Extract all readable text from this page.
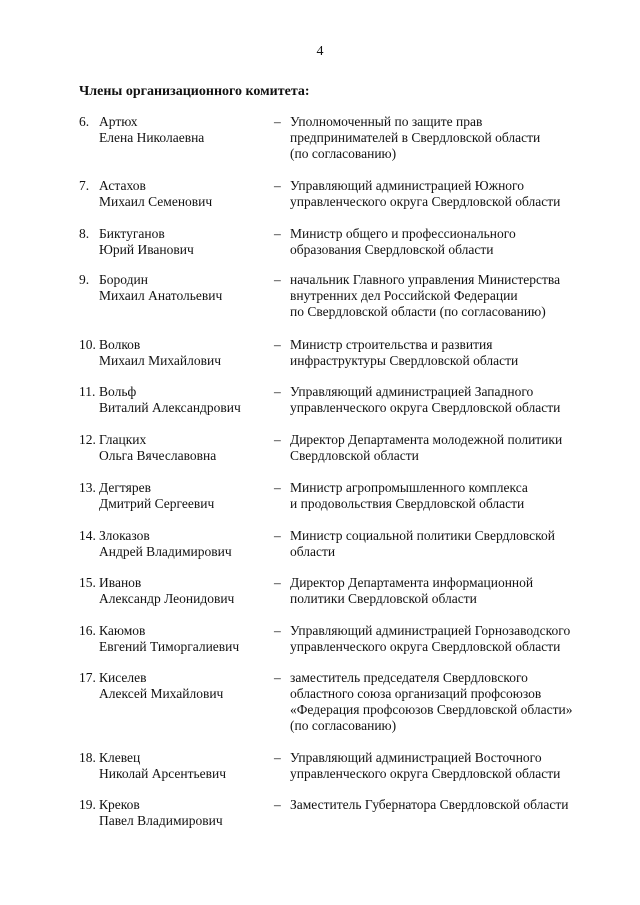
4
Члены организационного комитета:
6. Артюх
Елена Николаевна
– Уполномоченный по защите прав
предпринимателей в Свердловской области
(по согласованию)
7. Астахов
Михаил Семенович
– Управляющий администрацией Южного
управленческого округа Свердловской области
8. Биктуганов
Юрий Иванович
– Министр общего и профессионального
образования Свердловской области
9. Бородин
Михаил Анатольевич
– начальник Главного управления Министерства
внутренних дел Российской Федерации
по Свердловской области (по согласованию)
10. Волков
Михаил Михайлович
– Министр строительства и развития
инфраструктуры Свердловской области
11. Вольф
Виталий Александрович
– Управляющий администрацией Западного
управленческого округа Свердловской области
12. Глацких
Ольга Вячеславовна
– Директор Департамента молодежной политики
Свердловской области
13. Дегтярев
Дмитрий Сергеевич
– Министр агропромышленного комплекса
и продовольствия Свердловской области
14. Злоказов
Андрей Владимирович
– Министр социальной политики Свердловской
области
15. Иванов
Александр Леонидович
– Директор Департамента информационной
политики Свердловской области
16. Каюмов
Евгений Тиморгалиевич
– Управляющий администрацией Горнозаводского
управленческого округа Свердловской области
17. Киселев
Алексей Михайлович
– заместитель председателя Свердловского
областного союза организаций профсоюзов
«Федерация профсоюзов Свердловской области»
(по согласованию)
18. Клевец
Николай Арсентьевич
– Управляющий администрацией Восточного
управленческого округа Свердловской области
19. Креков
Павел Владимирович
– Заместитель Губернатора Свердловской области
